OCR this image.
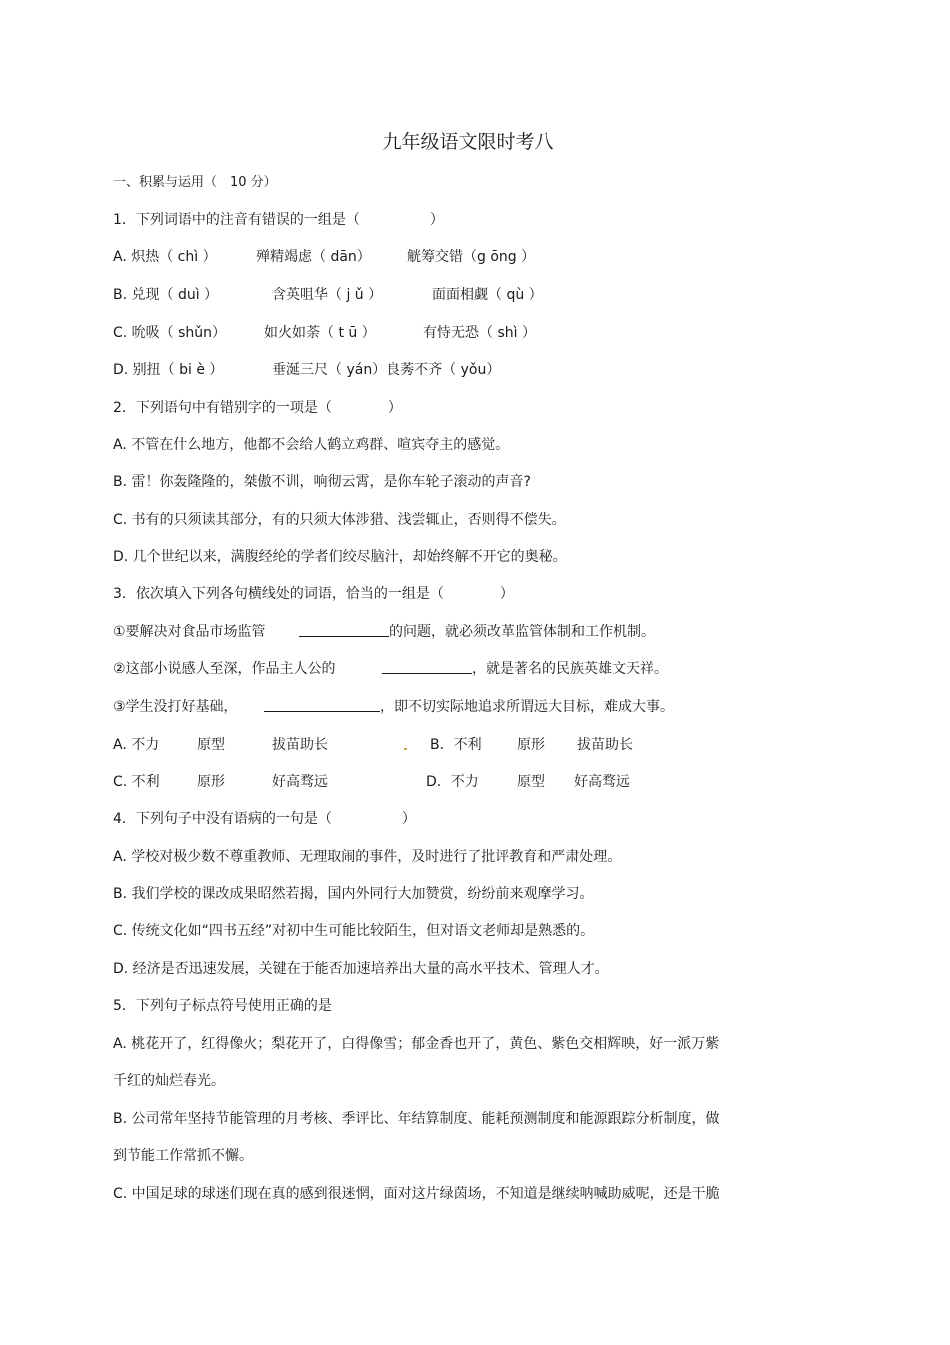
九年级语文限时考八
一、积累与运用（　10 分）
1．下列词语中的注音有错误的一组是（　　　　　）
A. 炽热（ chì ）	殚精竭虑（ dān）	觥筹交错（g ōng ）
B. 兑现（ duì ）	含英咀华（ j ǔ ）	面面相觑（ qù ）
C. 吮吸（ shǔn）	如火如荼（ t ū ）	有恃无恐（ shì ）
D. 别扭（ bi è ）	垂涎三尺（ yán）良莠不齐（ yǒu）
2．下列语句中有错别字的一项是（　　　　）
A. 不管在什么地方，他都不会给人鹤立鸡群、喧宾夺主的感觉。
B. 雷！你轰隆隆的，桀傲不训，响彻云霄，是你车轮子滚动的声音?
C. 书有的只须读其部分，有的只须大体涉猎、浅尝辄止，否则得不偿失。
D. 几个世纪以来，满腹经纶的学者们绞尽脑汁，却始终解不开它的奥秘。
3．依次填入下列各句横线处的词语，恰当的一组是（　　　　）
①要解决对食品市场监管	的问题，就必须改革监管体制和工作机制。
②这部小说感人至深，作品主人公的	，就是著名的民族英雄文天祥。
③学生没打好基础，	，即不切实际地追求所谓远大目标，难成大事。
A. 不力	原型	拔苗助长	B．不利	原形 拔苗助长
C. 不利	原形	好高骛远	D．不力	原型 好高骛远
4．下列句子中没有语病的一句是（　　　　　）
A. 学校对极少数不尊重教师、无理取闹的事件，及时进行了批评教育和严肃处理。
B. 我们学校的课改成果昭然若揭，国内外同行大加赞赏，纷纷前来观摩学习。
C. 传统文化如“四书五经”对初中生可能比较陌生，但对语文老师却是熟悉的。
D. 经济是否迅速发展，关键在于能否加速培养出大量的高水平技术、管理人才。
5．下列句子标点符号使用正确的是
A. 桃花开了，红得像火；梨花开了，白得像雪；郁金香也开了，黄色、紫色交相辉映，好一派万紫
千红的灿烂春光。
B. 公司常年坚持节能管理的月考核、季评比、年结算制度、能耗预测制度和能源跟踪分析制度，做
到节能工作常抓不懈。
C. 中国足球的球迷们现在真的感到很迷惘，面对这片绿茵场，不知道是继续呐喊助威呢，还是干脆
